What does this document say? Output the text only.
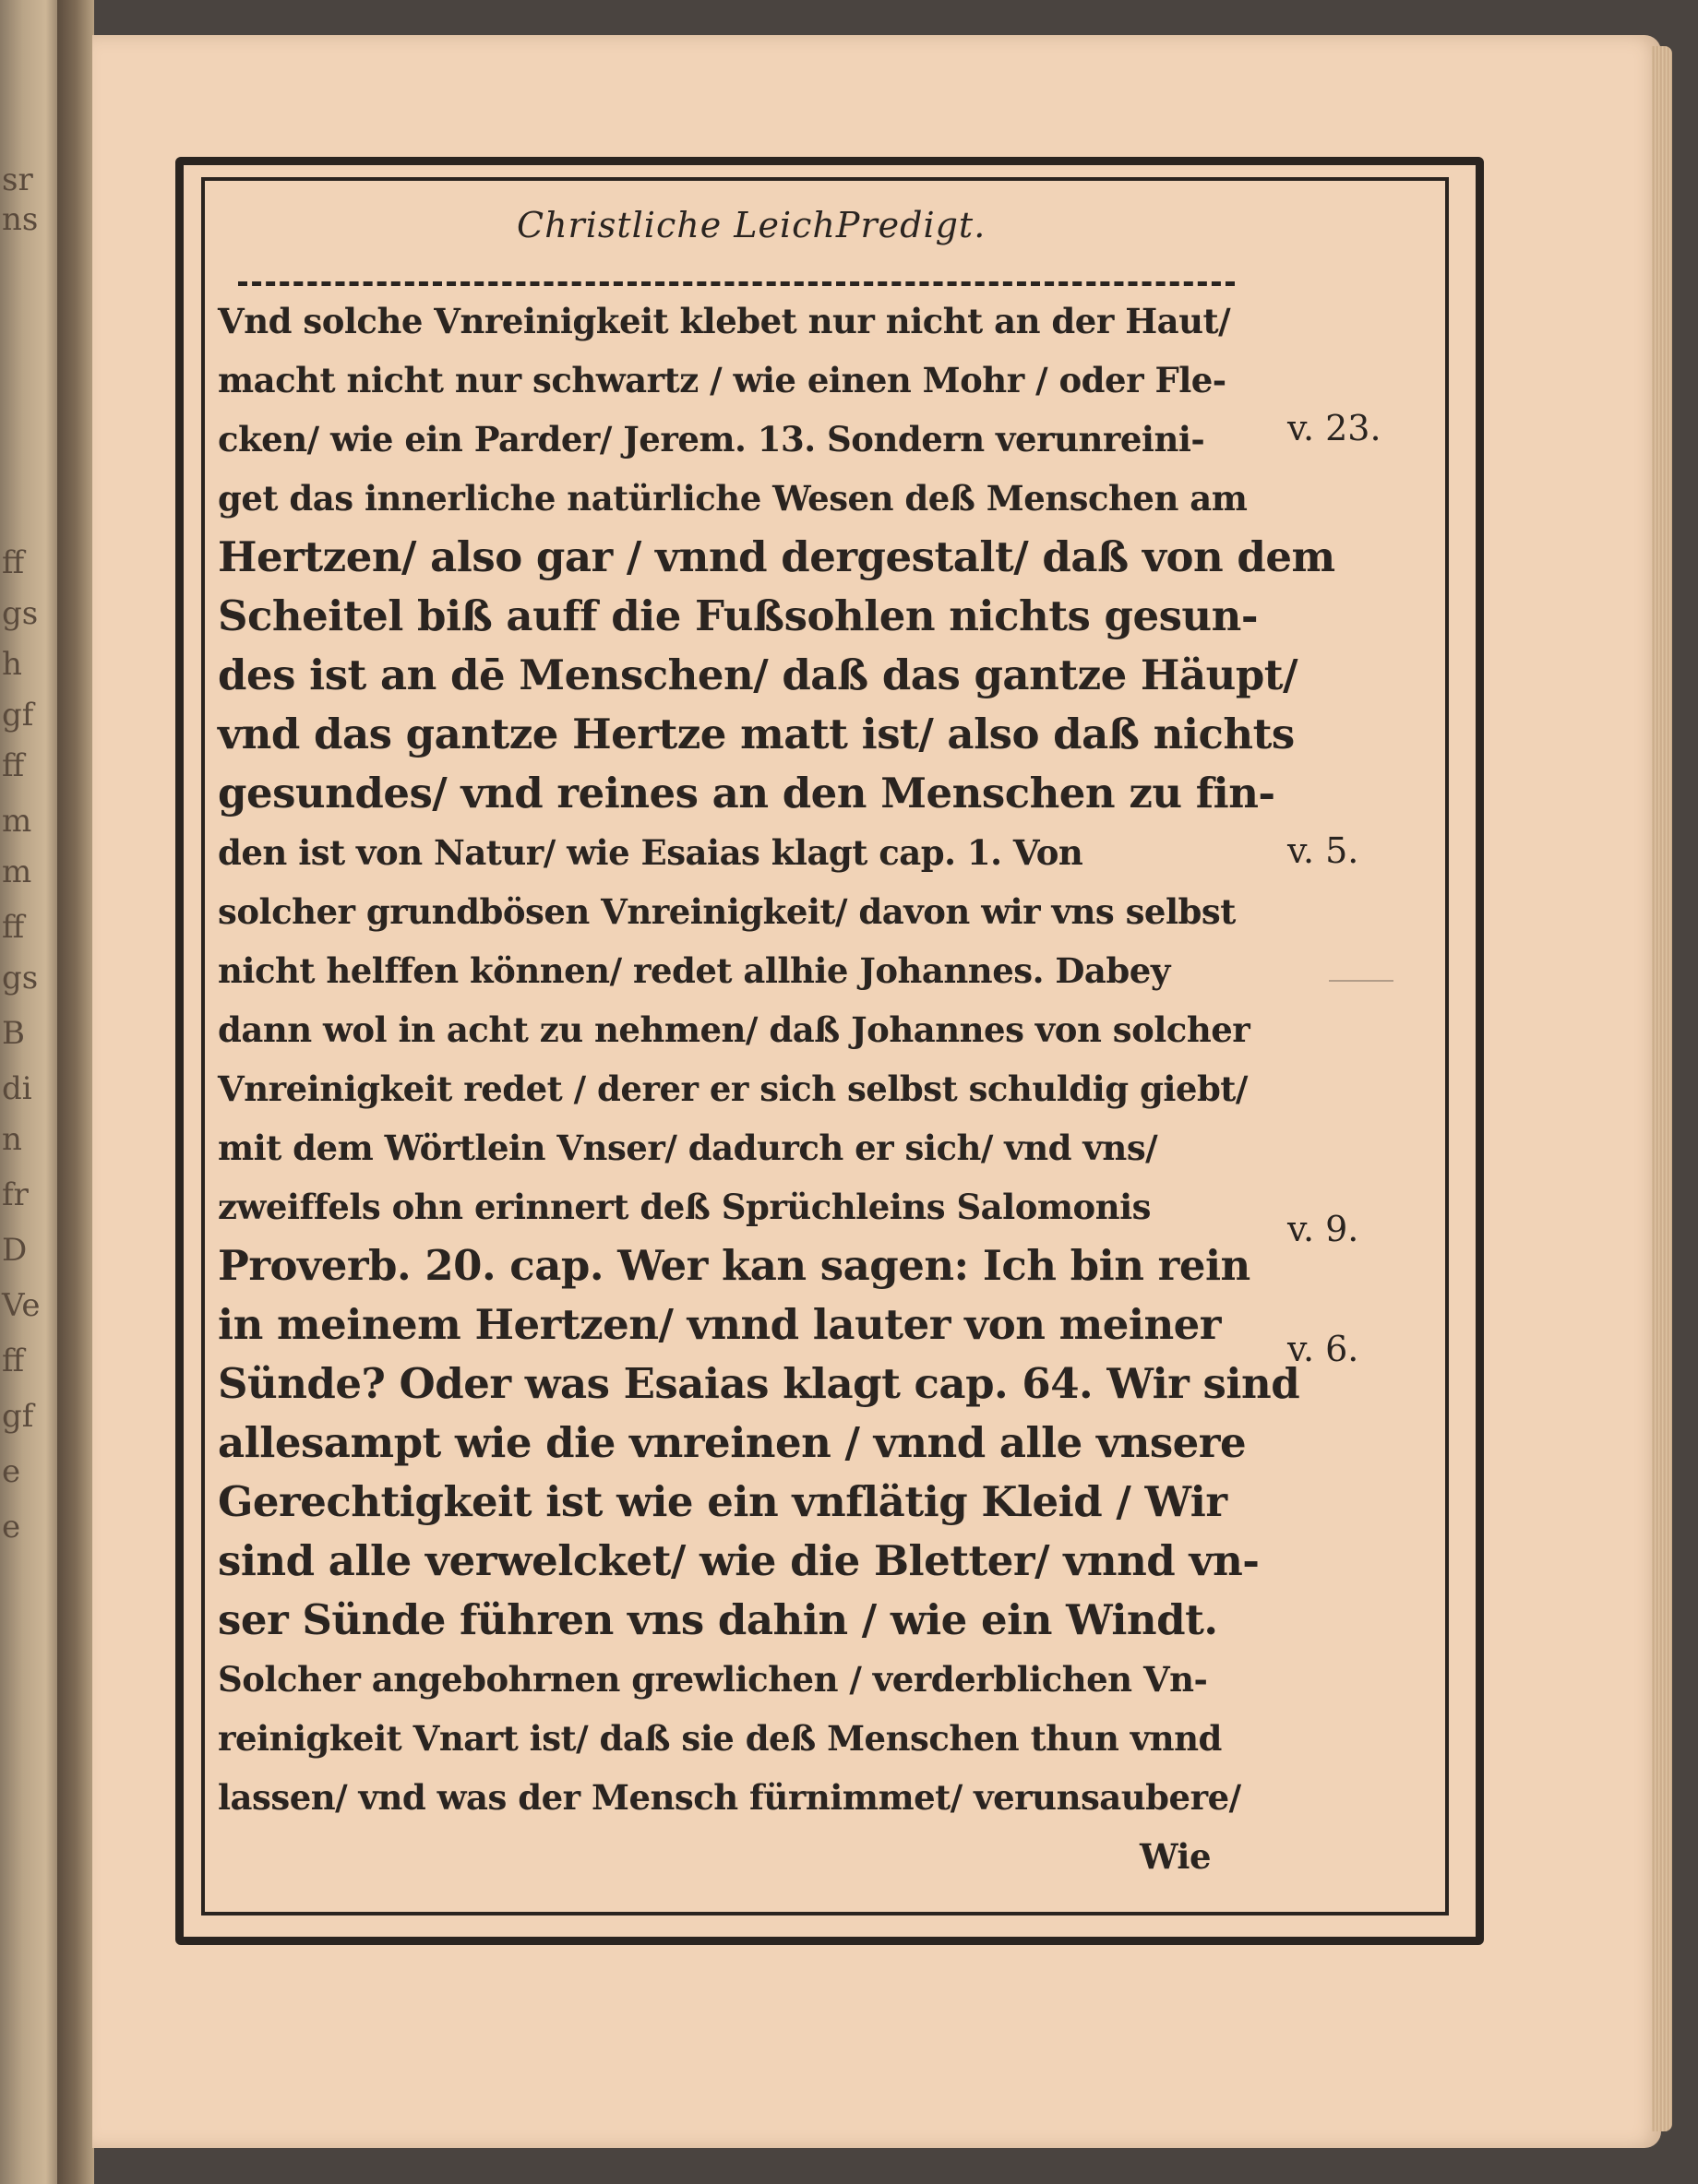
sr
ns
ff
gs
h
gf
ff
m
m
ff
gs
B
di
n
fr
D
Ve
ff
gf
e
e
Christliche LeichPredigt.
Vnd solche Vnreinigkeit klebet nur nicht an der Haut/
macht nicht nur schwartz / wie einen Mohr / oder Fle-
cken/ wie ein Parder/ Jerem. 13. Sondern verunreini-
get das innerliche natürliche Wesen deß Menschen am
Hertzen/ also gar / vnnd dergestalt/ daß von dem
Scheitel biß auff die Fußsohlen nichts gesun-
des ist an dē Menschen/ daß das gantze Häupt/
vnd das gantze Hertze matt ist/ also daß nichts
gesundes/ vnd reines an den Menschen zu fin-
den ist von Natur/ wie Esaias klagt cap. 1. Von
solcher grundbösen Vnreinigkeit/ davon wir vns selbst
nicht helffen können/ redet allhie Johannes. Dabey
dann wol in acht zu nehmen/ daß Johannes von solcher
Vnreinigkeit redet / derer er sich selbst schuldig giebt/
mit dem Wörtlein Vnser/ dadurch er sich/ vnd vns/
zweiffels ohn erinnert deß Sprüchleins Salomonis
Proverb. 20. cap. Wer kan sagen: Ich bin rein
in meinem Hertzen/ vnnd lauter von meiner
Sünde? Oder was Esaias klagt cap. 64. Wir sind
allesampt wie die vnreinen / vnnd alle vnsere
Gerechtigkeit ist wie ein vnflätig Kleid / Wir
sind alle verwelcket/ wie die Bletter/ vnnd vn-
ser Sünde führen vns dahin / wie ein Windt.
Solcher angebohrnen grewlichen / verderblichen Vn-
reinigkeit Vnart ist/ daß sie deß Menschen thun vnnd
lassen/ vnd was der Mensch fürnimmet/ verunsaubere/
Wie
v. 23.
v. 5.
v. 9.
v. 6.
